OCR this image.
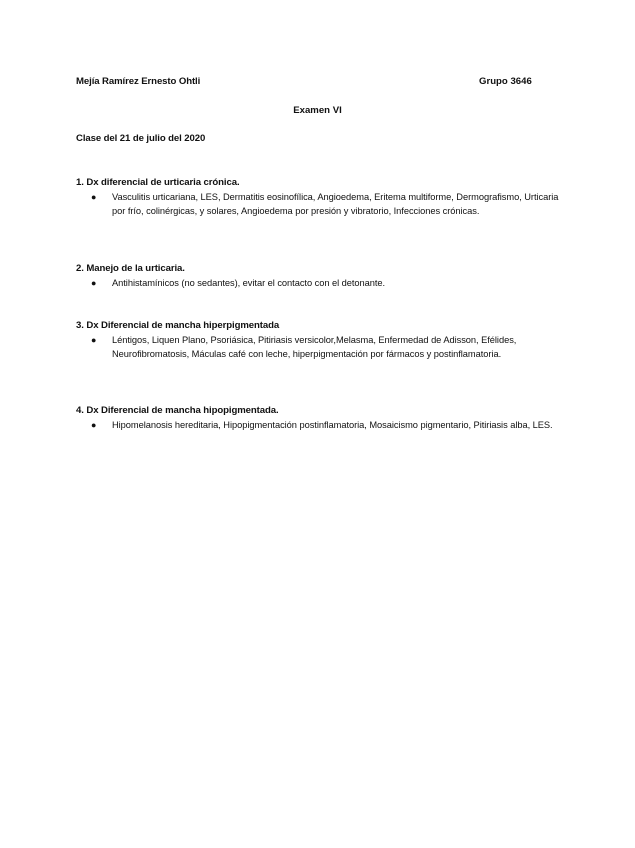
Mejía Ramírez Ernesto Ohtli	Grupo 3646
Examen VI
Clase del 21 de julio del 2020
1. Dx diferencial de urticaria crónica.
●	Vasculitis urticariana, LES, Dermatitis eosinofílica, Angioedema, Eritema multiforme, Dermografismo, Urticaria por frío, colinérgicas, y solares, Angioedema por presión y vibratorio, Infecciones crónicas.
2. Manejo de la urticaria.
●	Antihistamínicos (no sedantes), evitar el contacto con el detonante.
3. Dx Diferencial de mancha hiperpigmentada
●	Léntigos, Liquen Plano, Psoriásica, Pitiriasis versicolor,Melasma, Enfermedad de Adisson, Efélides, Neurofibromatosis, Máculas café con leche, hiperpigmentación por fármacos y postinflamatoria.
4. Dx Diferencial de mancha hipopigmentada.
●	Hipomelanosis hereditaria, Hipopigmentación postinflamatoria, Mosaicismo pigmentario, Pitiriasis alba, LES.
